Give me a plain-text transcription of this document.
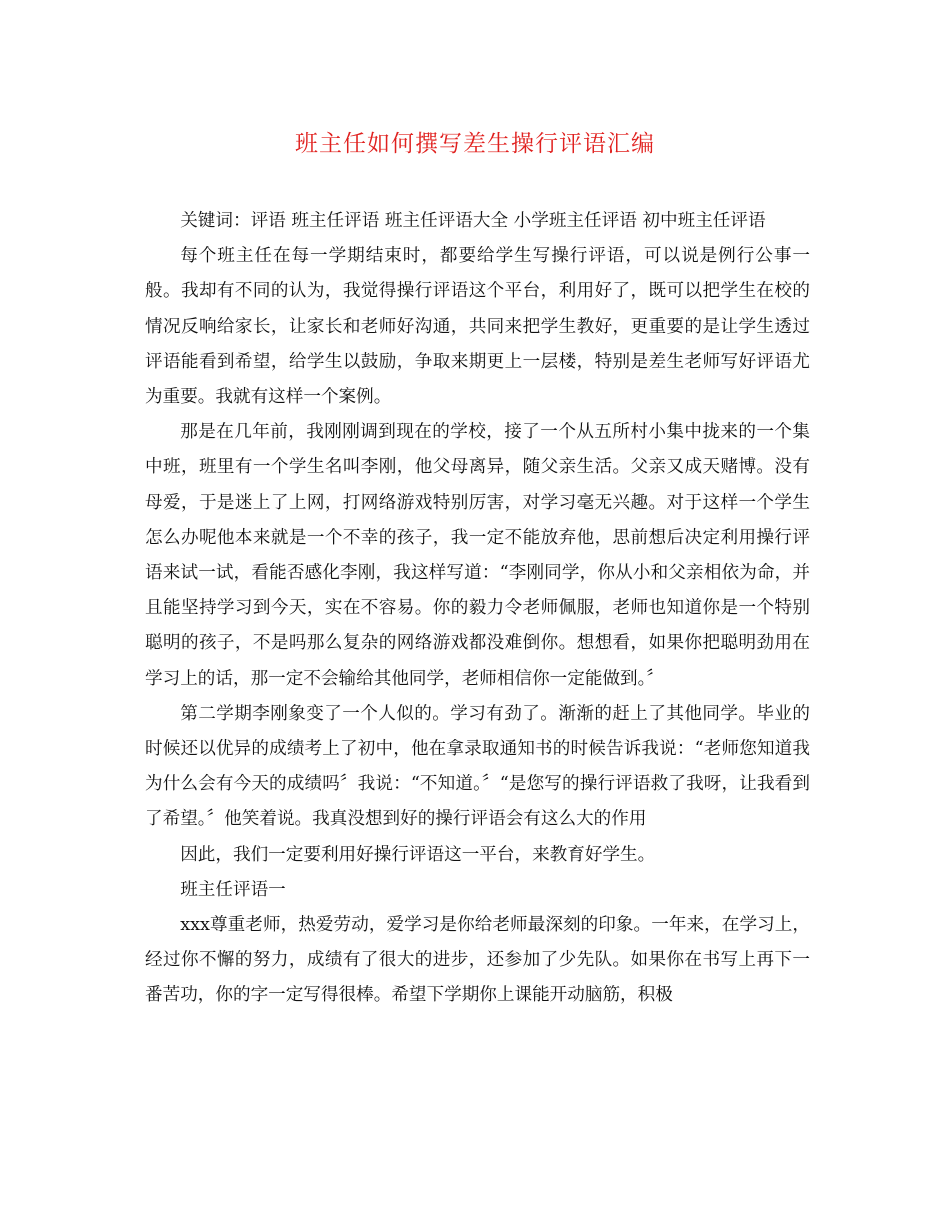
班主任如何撰写差生操行评语汇编

关键词：评语 班主任评语 班主任评语大全 小学班主任评语 初中班主任评语

每个班主任在每一学期结束时，都要给学生写操行评语，可以说是例行公事一般。我却有不同的认为，我觉得操行评语这个平台，利用好了，既可以把学生在校的情况反响给家长，让家长和老师好沟通，共同来把学生教好，更重要的是让学生透过评语能看到希望，给学生以鼓励，争取来期更上一层楼，特别是差生老师写好评语尤为重要。我就有这样一个案例。

那是在几年前，我刚刚调到现在的学校，接了一个从五所村小集中拢来的一个集中班，班里有一个学生名叫李刚，他父母离异，随父亲生活。父亲又成天赌博。没有母爱，于是迷上了上网，打网络游戏特别厉害，对学习毫无兴趣。对于这样一个学生怎么办呢他本来就是一个不幸的孩子，我一定不能放弃他，思前想后决定利用操行评语来试一试，看能否感化李刚，我这样写道：“李刚同学，你从小和父亲相依为命，并且能坚持学习到今天，实在不容易。你的毅力令老师佩服，老师也知道你是一个特别聪明的孩子，不是吗那么复杂的网络游戏都没难倒你。想想看，如果你把聪明劲用在学习上的话，那一定不会输给其他同学，老师相信你一定能做到。〞

第二学期李刚象变了一个人似的。学习有劲了。渐渐的赶上了其他同学。毕业的时候还以优异的成绩考上了初中，他在拿录取通知书的时候告诉我说：“老师您知道我为什么会有今天的成绩吗〞我说：“不知道。〞“是您写的操行评语救了我呀，让我看到了希望。〞他笑着说。我真没想到好的操行评语会有这么大的作用

因此，我们一定要利用好操行评语这一平台，来教育好学生。

班主任评语一

xxx尊重老师，热爱劳动，爱学习是你给老师最深刻的印象。一年来，在学习上，经过你不懈的努力，成绩有了很大的进步，还参加了少先队。如果你在书写上再下一番苦功，你的字一定写得很棒。希望下学期你上课能开动脑筋，积极
